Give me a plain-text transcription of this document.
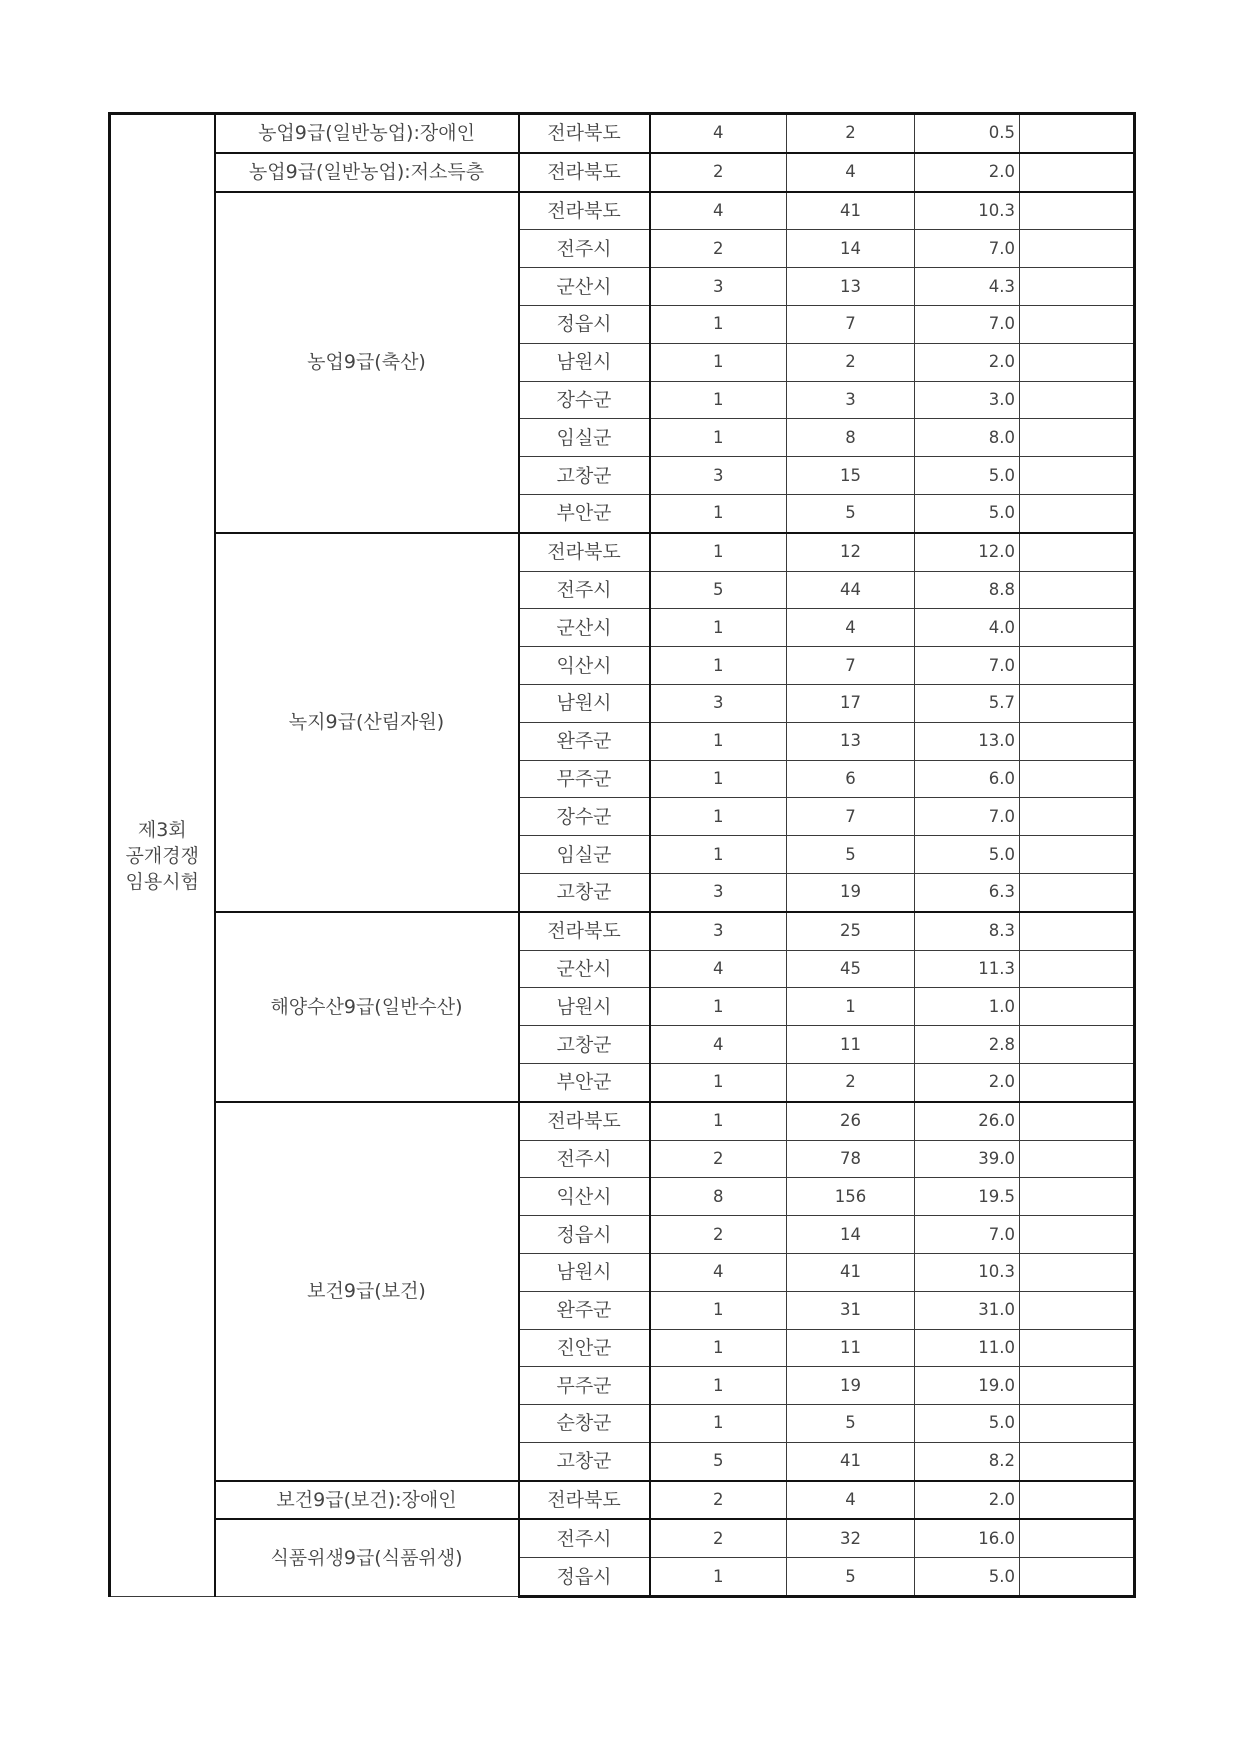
제3회
공개경쟁
임용시험	농업9급(일반농업):장애인	전라북도	4	2	0.5	
	농업9급(일반농업):저소득층	전라북도	2	4	2.0	
	농업9급(축산)	전라북도	4	41	10.3	
		전주시	2	14	7.0	
		군산시	3	13	4.3	
		정읍시	1	7	7.0	
		남원시	1	2	2.0	
		장수군	1	3	3.0	
		임실군	1	8	8.0	
		고창군	3	15	5.0	
		부안군	1	5	5.0	
	녹지9급(산림자원)	전라북도	1	12	12.0	
		전주시	5	44	8.8	
		군산시	1	4	4.0	
		익산시	1	7	7.0	
		남원시	3	17	5.7	
		완주군	1	13	13.0	
		무주군	1	6	6.0	
		장수군	1	7	7.0	
		임실군	1	5	5.0	
		고창군	3	19	6.3	
	해양수산9급(일반수산)	전라북도	3	25	8.3	
		군산시	4	45	11.3	
		남원시	1	1	1.0	
		고창군	4	11	2.8	
		부안군	1	2	2.0	
	보건9급(보건)	전라북도	1	26	26.0	
		전주시	2	78	39.0	
		익산시	8	156	19.5	
		정읍시	2	14	7.0	
		남원시	4	41	10.3	
		완주군	1	31	31.0	
		진안군	1	11	11.0	
		무주군	1	19	19.0	
		순창군	1	5	5.0	
		고창군	5	41	8.2	
	보건9급(보건):장애인	전라북도	2	4	2.0	
	식품위생9급(식품위생)	전주시	2	32	16.0	
		정읍시	1	5	5.0	
